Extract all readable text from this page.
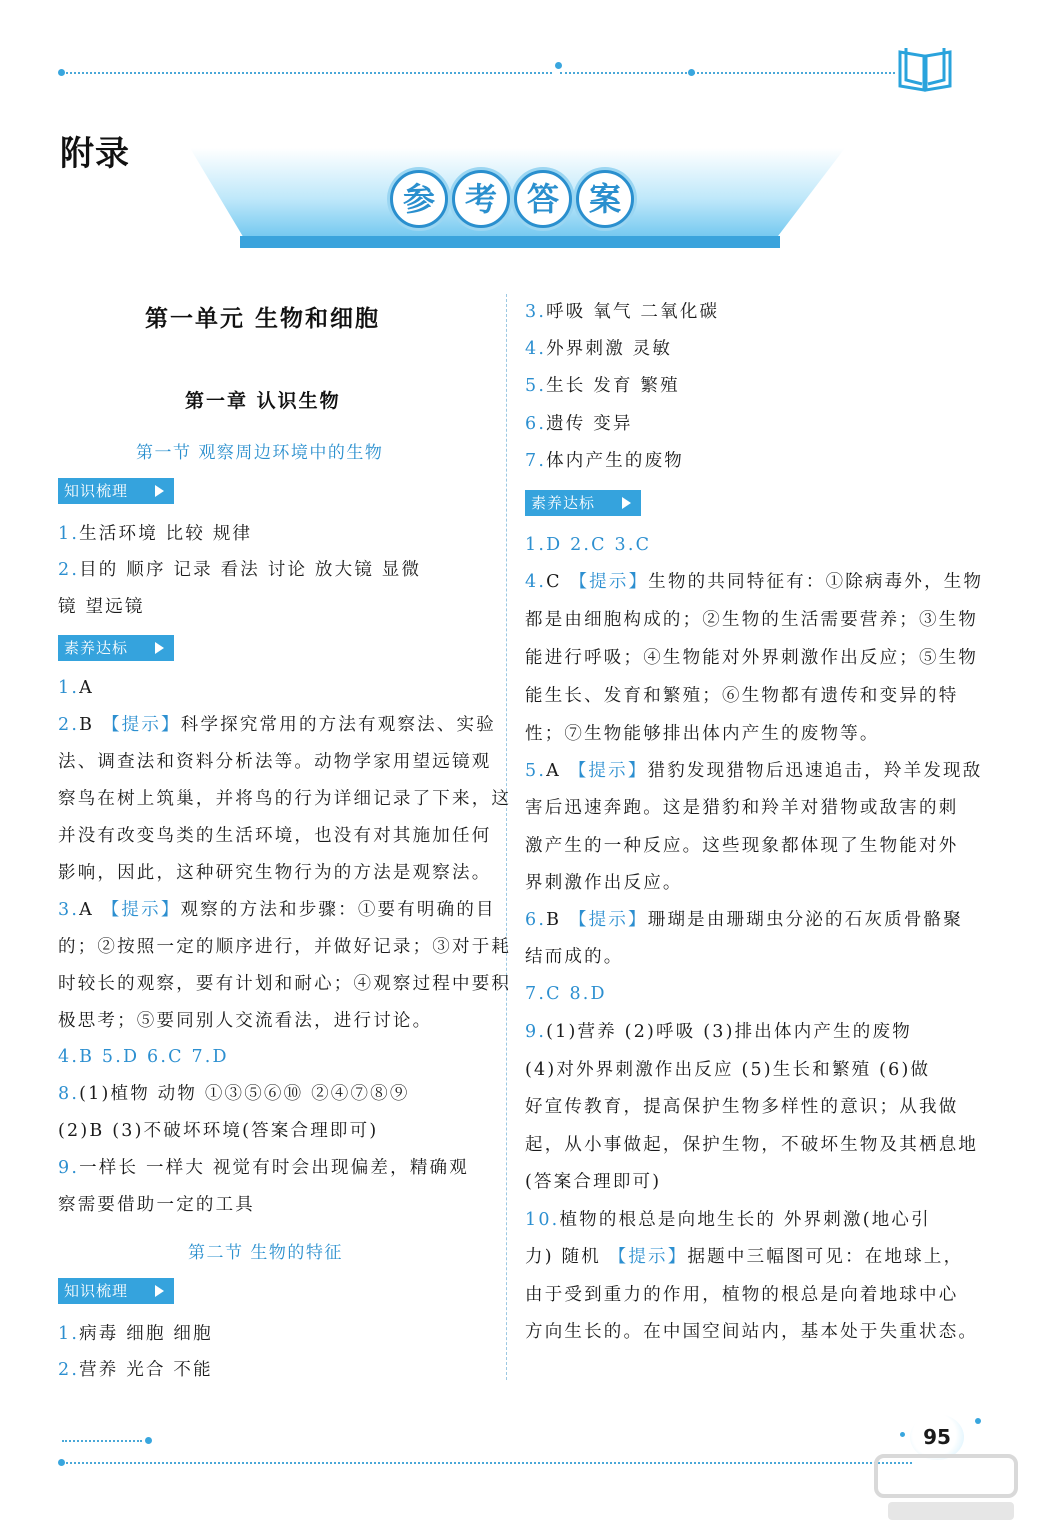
附录
参 考 答 案
第一单元 生物和细胞
第一章 认识生物
第一节 观察周边环境中的生物
知识梳理
1.生活环境 比较 规律
2.目的 顺序 记录 看法 讨论 放大镜 显微
镜 望远镜
素养达标
1.A
2.B 【提示】科学探究常用的方法有观察法、实验
法、调查法和资料分析法等。动物学家用望远镜观
察鸟在树上筑巢，并将鸟的行为详细记录了下来，这
并没有改变鸟类的生活环境，也没有对其施加任何
影响，因此，这种研究生物行为的方法是观察法。
3.A 【提示】观察的方法和步骤：①要有明确的目
的；②按照一定的顺序进行，并做好记录；③对于耗
时较长的观察，要有计划和耐心；④观察过程中要积
极思考；⑤要同别人交流看法，进行讨论。
4.B 5.D 6.C 7.D
8.(1)植物 动物 ①③⑤⑥⑩ ②④⑦⑧⑨
(2)B (3)不破坏环境(答案合理即可)
9.一样长 一样大 视觉有时会出现偏差，精确观
察需要借助一定的工具
第二节 生物的特征
知识梳理
1.病毒 细胞 细胞
2.营养 光合 不能
3.呼吸 氧气 二氧化碳
4.外界刺激 灵敏
5.生长 发育 繁殖
6.遗传 变异
7.体内产生的废物
素养达标
1.D 2.C 3.C
4.C 【提示】生物的共同特征有：①除病毒外，生物
都是由细胞构成的；②生物的生活需要营养；③生物
能进行呼吸；④生物能对外界刺激作出反应；⑤生物
能生长、发育和繁殖；⑥生物都有遗传和变异的特
性；⑦生物能够排出体内产生的废物等。
5.A 【提示】猎豹发现猎物后迅速追击，羚羊发现敌
害后迅速奔跑。这是猎豹和羚羊对猎物或敌害的刺
激产生的一种反应。这些现象都体现了生物能对外
界刺激作出反应。
6.B 【提示】珊瑚是由珊瑚虫分泌的石灰质骨骼聚
结而成的。
7.C 8.D
9.(1)营养 (2)呼吸 (3)排出体内产生的废物
(4)对外界刺激作出反应 (5)生长和繁殖 (6)做
好宣传教育，提高保护生物多样性的意识；从我做
起，从小事做起，保护生物，不破坏生物及其栖息地
(答案合理即可)
10.植物的根总是向地生长的 外界刺激(地心引
力) 随机 【提示】据题中三幅图可见：在地球上，
由于受到重力的作用，植物的根总是向着地球中心
方向生长的。在中国空间站内，基本处于失重状态。
95
